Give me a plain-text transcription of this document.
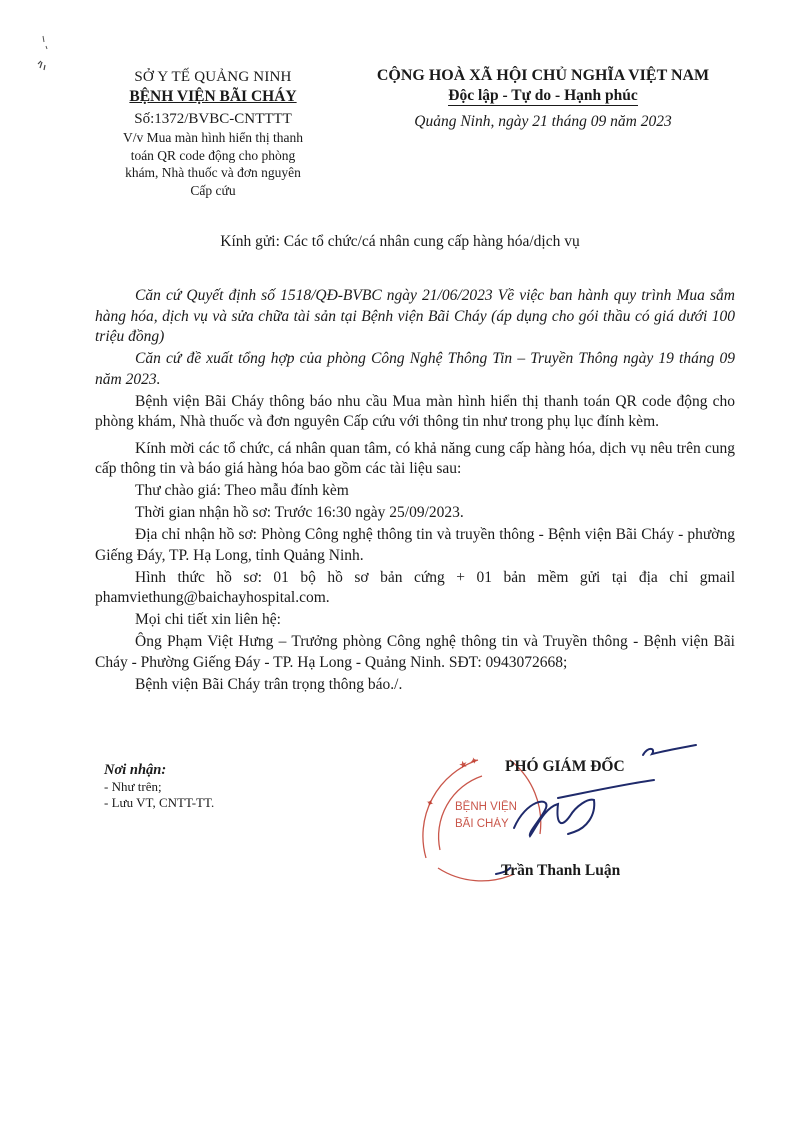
SỞ Y TẾ QUẢNG NINH
BỆNH VIỆN BÃI CHÁY
Số:1372/BVBC-CNTTTT
V/v Mua màn hình hiển thị thanh
toán QR code động cho phòng
khám, Nhà thuốc và đơn nguyên
Cấp cứu
CỘNG HOÀ XÃ HỘI CHỦ NGHĨA VIỆT NAM
Độc lập - Tự do - Hạnh phúc
Quảng Ninh, ngày 21 tháng 09 năm 2023
Kính gửi: Các tổ chức/cá nhân cung cấp hàng hóa/dịch vụ

Căn cứ Quyết định số 1518/QĐ-BVBC ngày 21/06/2023 Về việc ban hành quy trình Mua sắm hàng hóa, dịch vụ và sửa chữa tài sản tại Bệnh viện Bãi Cháy (áp dụng cho gói thầu có giá dưới 100 triệu đồng)

Căn cứ đề xuất tổng hợp của phòng Công Nghệ Thông Tin – Truyền Thông ngày 19 tháng 09 năm 2023.

Bệnh viện Bãi Cháy thông báo nhu cầu Mua màn hình hiển thị thanh toán QR code động cho phòng khám, Nhà thuốc và đơn nguyên Cấp cứu với thông tin như trong phụ lục đính kèm.

Kính mời các tổ chức, cá nhân quan tâm, có khả năng cung cấp hàng hóa, dịch vụ nêu trên cung cấp thông tin và báo giá hàng hóa bao gồm các tài liệu sau:

Thư chào giá: Theo mẫu đính kèm

Thời gian nhận hồ sơ: Trước 16:30 ngày 25/09/2023.

Địa chỉ nhận hồ sơ: Phòng Công nghệ thông tin và truyền thông - Bệnh viện Bãi Cháy - phường Giếng Đáy, TP. Hạ Long, tỉnh Quảng Ninh.

Hình thức hồ sơ: 01 bộ hồ sơ bản cứng + 01 bản mềm gửi tại địa chỉ gmail phamviethung@baichayhospital.com.

Mọi chi tiết xin liên hệ:

Ông Phạm Việt Hưng – Trưởng phòng Công nghệ thông tin và Truyền thông - Bệnh viện Bãi Cháy - Phường Giếng Đáy - TP. Hạ Long - Quảng Ninh. SĐT: 0943072668;

Bệnh viện Bãi Cháy trân trọng thông báo./.

Nơi nhận:
- Như trên;
- Lưu VT, CNTT-TT.
★ ✦
✦ BỆNH VIỆN
BÃI CHÁY
PHÓ GIÁM ĐỐC
Trần Thanh Luận
